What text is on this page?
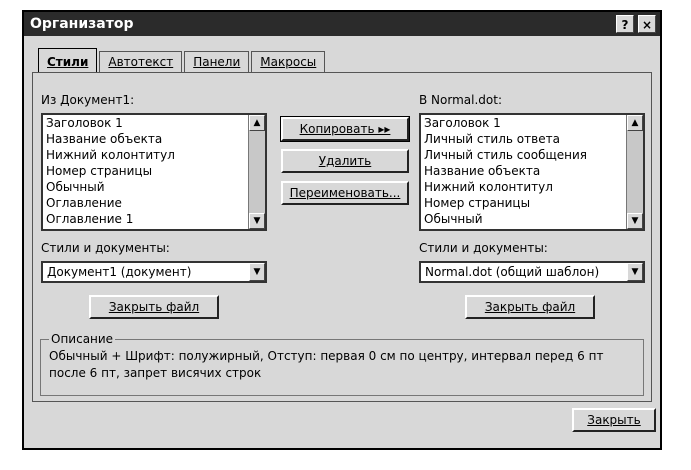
Организатор	?	×
Стили	Автотекст	Панели	Макросы
Из Документ1:
Заголовок 1
Название объекта
Нижний колонтитул
Номер страницы
Обычный
Оглавление
Оглавление 1
▲
▼
Стили и документы:
Документ1 (документ)	▼
Закрыть файл
Копировать ▸▸
Удалить
Переименовать...
В Normal.dot:
Заголовок 1
Личный стиль ответа
Личный стиль сообщения
Название объекта
Нижний колонтитул
Номер страницы
Обычный
▲
▼
Стили и документы:
Normal.dot (общий шаблон)	▼
Закрыть файл
Описание
Обычный + Шрифт: полужирный, Отступ: первая 0 см по центру, интервал перед 6 пт после 6 пт, запрет висячих строк
Закрыть
